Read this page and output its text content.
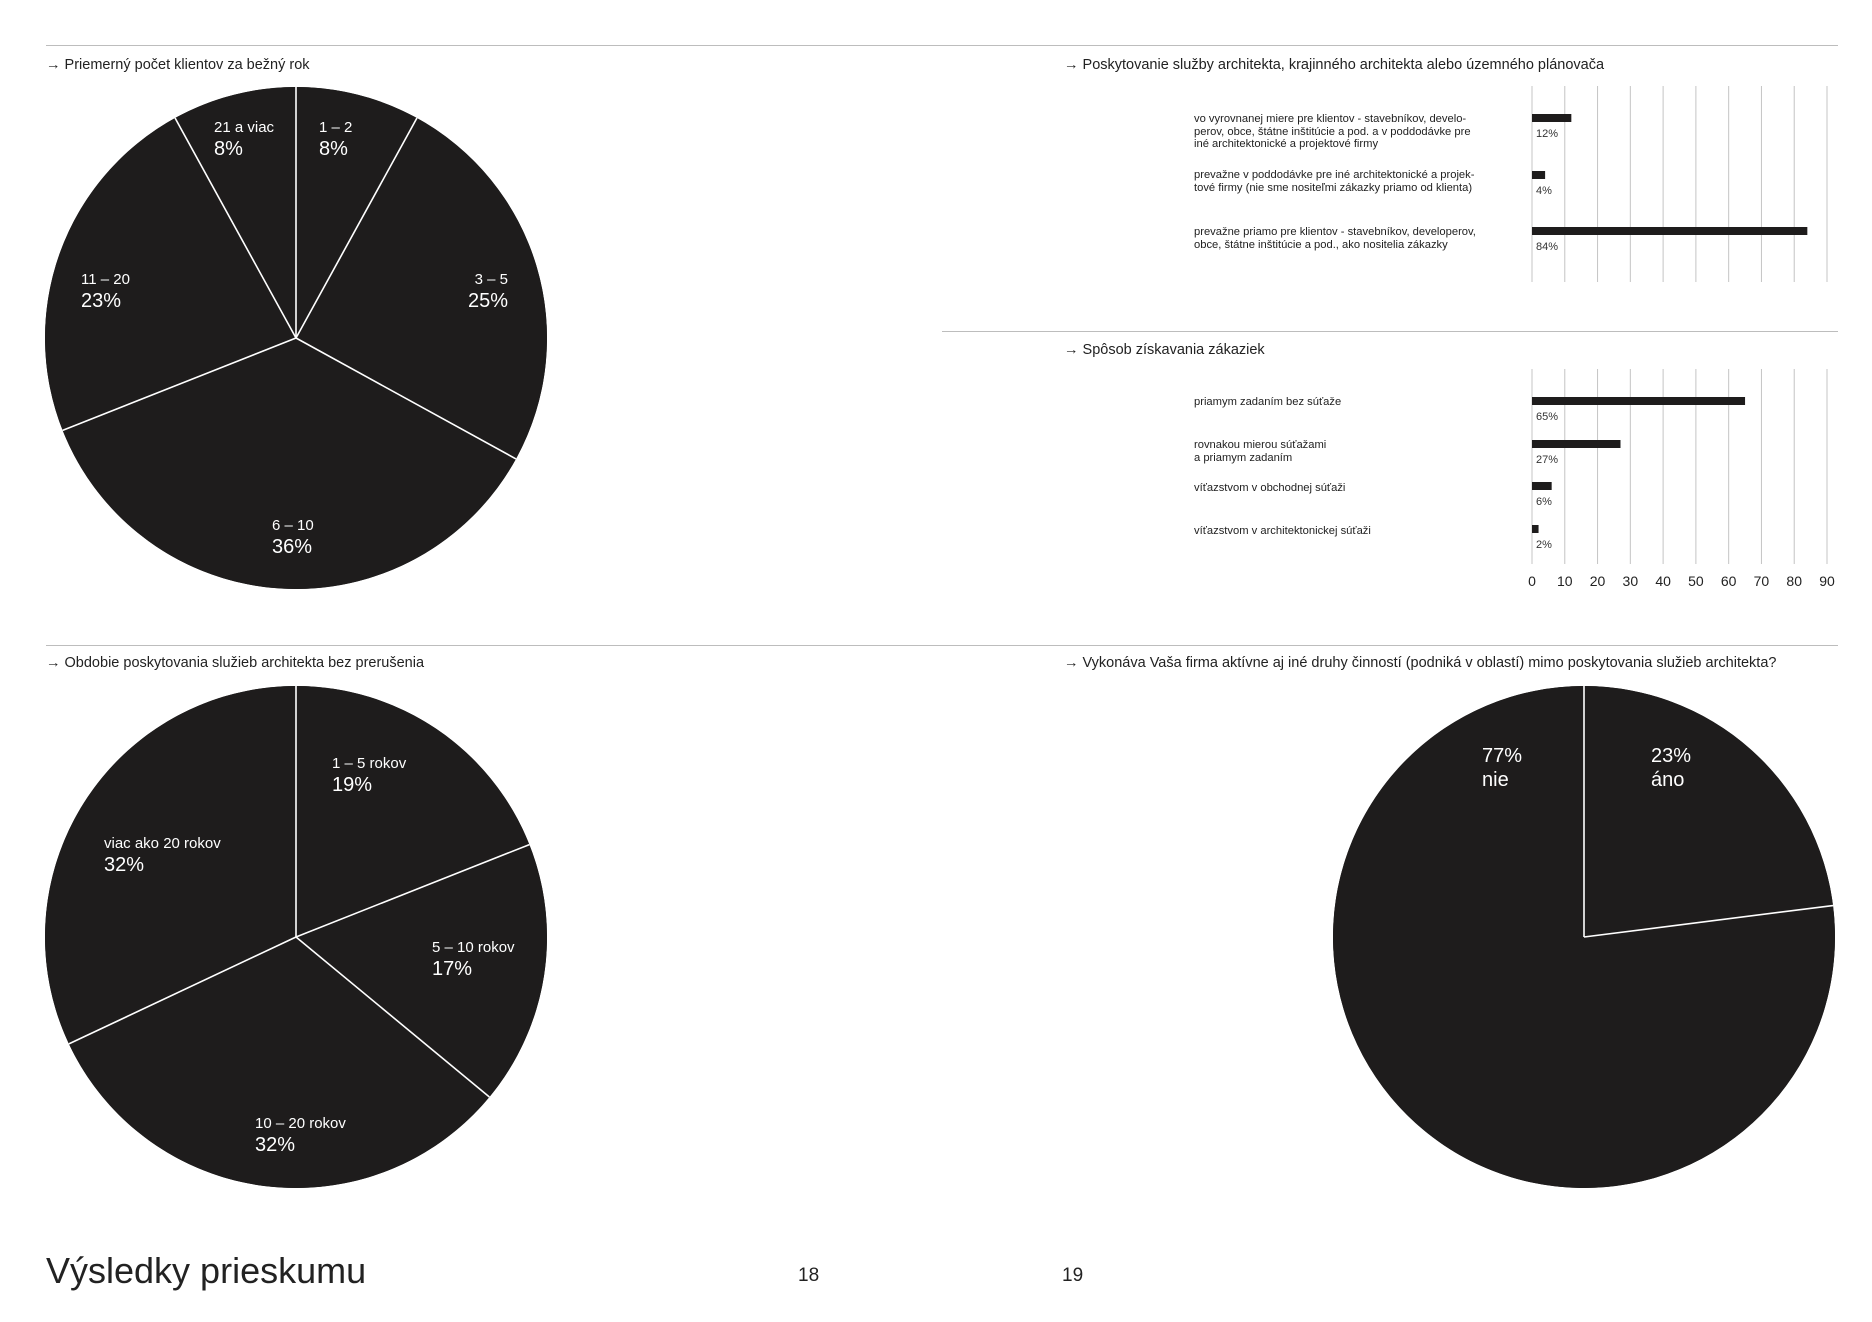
→ Priemerný počet klientov za bežný rok	→ Poskytovanie služby architekta, krajinného architekta alebo územného plánovača
→ Spôsob získavania zákaziek
→ Obdobie poskytovania služieb architekta bez prerušenia	→ Vykonáva Vaša firma aktívne aj iné druhy činností (podniká v oblastí) mimo poskytovania služieb architekta?
1 – 2
8%
3 – 5
25%
6 – 10
36%
11 – 20
23%
21 a viac
8%
1 – 5 rokov
19%
5 – 10 rokov
17%
10 – 20 rokov
32%
viac ako 20 rokov
32%
23%
áno
77%
nie
12%
4%
84%
65%
27%
6%
2%
0 10 20 30 40 50 60 70 80 90
vo vyrovnanej miere pre klientov - stavebníkov, develo-
perov, obce, štátne inštitúcie a pod. a v poddodávke pre
iné architektonické a projektové firmy
prevažne v poddodávke pre iné architektonické a projek-
tové firmy (nie sme nositeľmi zákazky priamo od klienta)
prevažne priamo pre klientov - stavebníkov, developerov,
obce, štátne inštitúcie a pod., ako nositelia zákazky
priamym zadaním bez súťaže
rovnakou mierou súťažami
a priamym zadaním
víťazstvom v obchodnej súťaži
víťazstvom v architektonickej súťaži
Výsledky prieskumu	18	19
